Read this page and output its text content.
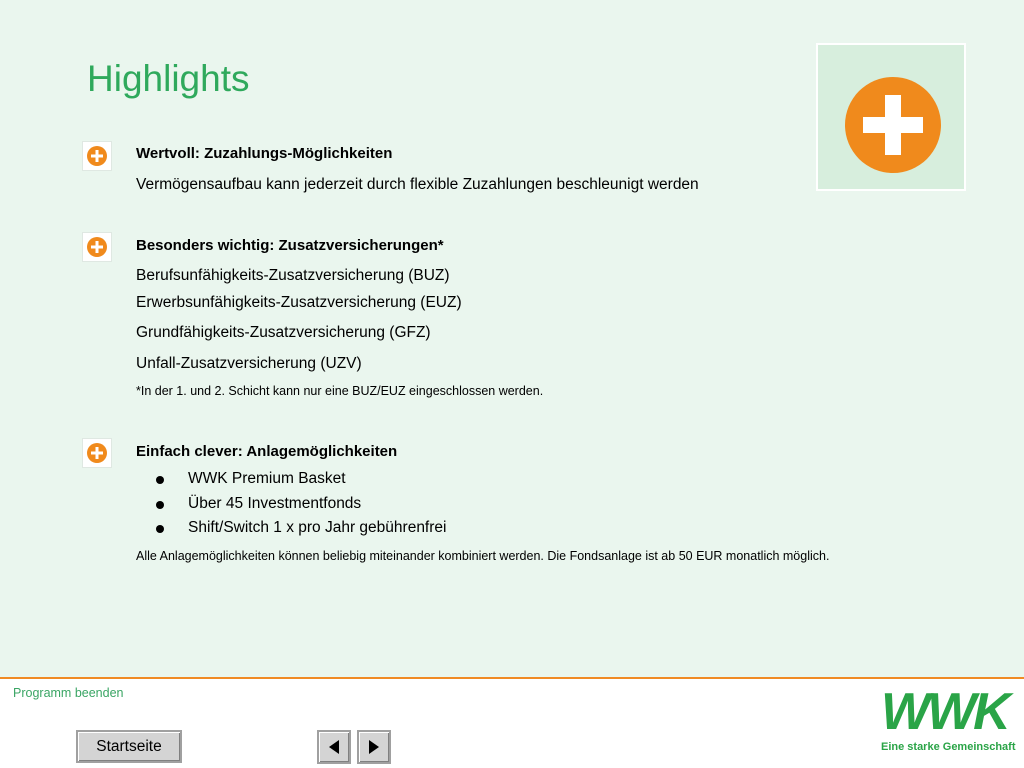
Highlights
Wertvoll: Zuzahlungs-Möglichkeiten
Vermögensaufbau kann jederzeit durch flexible Zuzahlungen beschleunigt werden
Besonders wichtig: Zusatzversicherungen*
Berufsunfähigkeits-Zusatzversicherung (BUZ)
Erwerbsunfähigkeits-Zusatzversicherung (EUZ)
Grundfähigkeits-Zusatzversicherung (GFZ)
Unfall-Zusatzversicherung (UZV)
*In der 1. und 2. Schicht kann nur eine BUZ/EUZ eingeschlossen werden.
Einfach clever: Anlagemöglichkeiten
WWK Premium Basket
Über 45 Investmentfonds
Shift/Switch 1 x pro Jahr gebührenfrei
Alle Anlagemöglichkeiten können beliebig miteinander kombiniert werden. Die Fondsanlage ist ab 50 EUR monatlich möglich.
Programm beenden
Startseite
WWK
Eine starke Gemeinschaft
